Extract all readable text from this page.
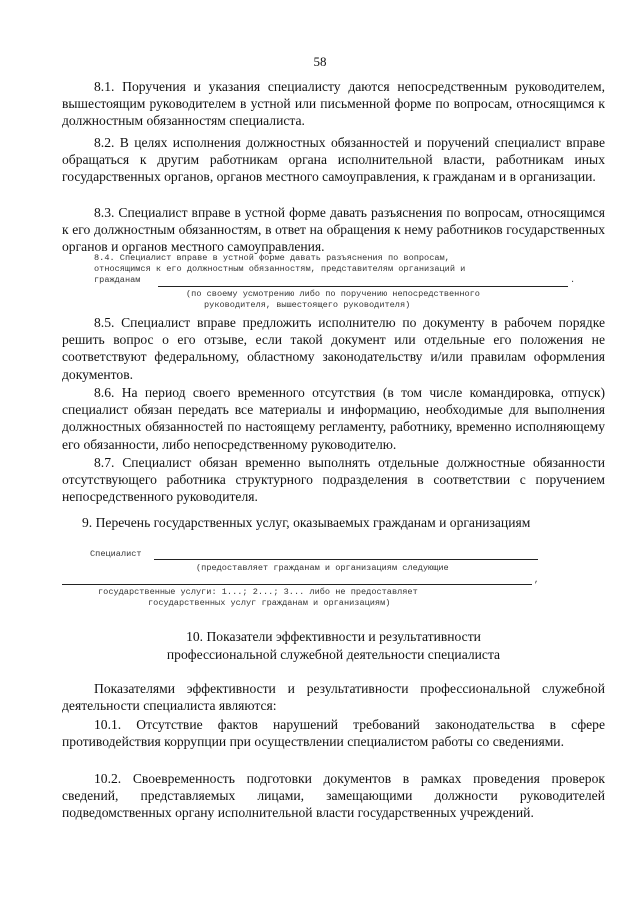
58

8.1. Поручения и указания специалисту даются непосредственным руководителем, вышестоящим руководителем в устной или письменной форме по вопросам, относящимся к должностным обязанностям специалиста.

8.2. В целях исполнения должностных обязанностей и поручений специалист вправе обращаться к другим работникам органа исполнительной власти, работникам иных государственных органов, органов местного самоуправления, к гражданам и в организации.

8.3. Специалист вправе в устной форме давать разъяснения по вопросам, относящимся к его должностным обязанностям, в ответ на обращения к нему работников государственных органов и органов местного самоуправления.

8.4. Специалист вправе в устной форме давать разъяснения по вопросам,

относящимся к его должностным обязанностям, представителям организаций и

гражданам	.

(по своему усмотрению либо по поручению непосредственного

руководителя, вышестоящего руководителя)

8.5. Специалист вправе предложить исполнителю по документу в рабочем порядке решить вопрос о его отзыве, если такой документ или отдельные его положения не соответствуют федеральному, областному законодательству и/или правилам оформления документов.

8.6. На период своего временного отсутствия (в том числе командировка, отпуск) специалист обязан передать все материалы и информацию, необходимые для выполнения должностных обязанностей по настоящему регламенту, работнику, временно исполняющему его обязанности, либо непосредственному руководителю.

8.7. Специалист обязан временно выполнять отдельные должностные обязанности отсутствующего работника структурного подразделения в соответствии с поручением непосредственного руководителя.

9. Перечень государственных услуг, оказываемых гражданам и организациям

Специалист

(предоставляет гражданам и организациям следующие

,

государственные услуги: 1...; 2...; 3... либо не предоставляет

государственных услуг гражданам и организациям)

10. Показатели эффективности и результативности

профессиональной служебной деятельности специалиста

Показателями эффективности и результативности профессиональной служебной деятельности специалиста являются:

10.1. Отсутствие фактов нарушений требований законодательства в сфере противодействия коррупции при осуществлении специалистом работы со сведениями.

10.2. Своевременность подготовки документов в рамках проведения проверок сведений, представляемых лицами, замещающими должности руководителей подведомственных органу исполнительной власти государственных учреждений.
